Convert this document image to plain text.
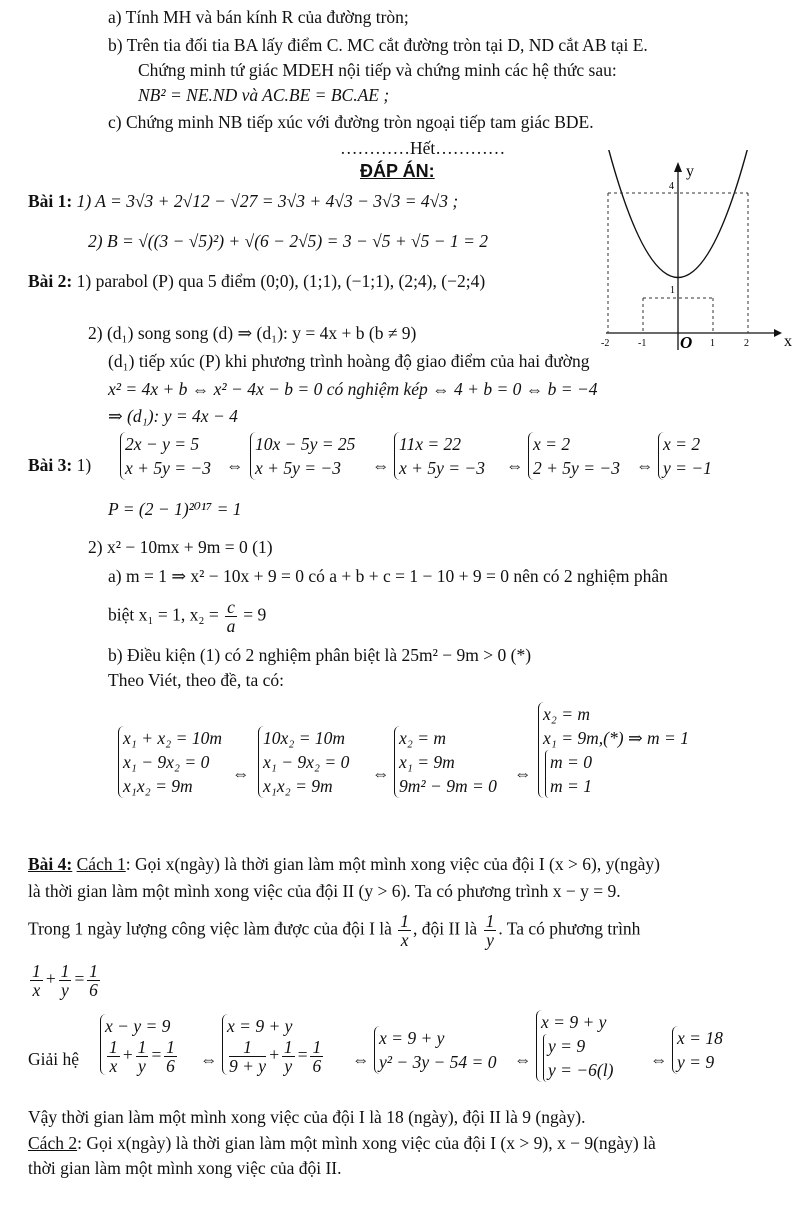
a) Tính MH và bán kính R của đường tròn;
b) Trên tia đối tia BA lấy điểm C. MC cắt đường tròn tại D, ND cắt AB tại E.
Chứng minh tứ giác MDEH nội tiếp và chứng minh các hệ thức sau:
NB² = NE.ND và AC.BE = BC.AE ;
c) Chứng minh NB tiếp xúc với đường tròn ngoại tiếp tam giác BDE.
…………Hết…………
ĐÁP ÁN:
Bài 1: 1) A = 3√3 + 2√12 − √27 = 3√3 + 4√3 − 3√3 = 4√3 ;
2) B = √((3 − √5)²) + √(6 − 2√5) = 3 − √5 + √5 − 1 = 2
Bài 2: 1) parabol (P) qua 5 điểm (0;0), (1;1), (−1;1), (2;4), (−2;4)
2) (d₁) song song (d) ⇒ (d₁): y = 4x + b (b ≠ 9)
(d₁) tiếp xúc (P) khi phương trình hoàng độ giao điểm của hai đường
x² = 4x + b ⇔ x² − 4x − b = 0 có nghiệm kép ⇔ 4 + b = 0 ⇔ b = −4
⇒ (d₁): y = 4x − 4
y
x
O
4
1
-2	-1	1	2
Bài 3: 1)
2x − y = 5
x + 5y = −3 ⇔
10x − 5y = 25
x + 5y = −3	⇔
11x = 22
x + 5y = −3 ⇔
x = 2
2 + 5y = −3 ⇔
x = 2
y = −1
P = (2 − 1)²⁰¹⁷ = 1
2) x² − 10mx + 9m = 0 (1)
a) m = 1 ⇒ x² − 10x + 9 = 0 có a + b + c = 1 − 10 + 9 = 0 nên có 2 nghiệm phân
biệt x₁ = 1, $x_2 = \frac{c}{a} = 9$
b) Điều kiện (1) có 2 nghiệm phân biệt là 25m² − 9m > 0 (*)
Theo Viét, theo đề, ta có:
x₁ + x₂ = 10m
x₁ − 9x₂ = 0
x₁x₂ = 9m
⇔
10x₂ = 10m
x₁ − 9x₂ = 0
x₁x₂ = 9m
⇔
x₂ = m
x₁ = 9m
9m² − 9m = 0
⇔
x₂ = m
x₁ = 9m,(*) ⇒ m = 1
m = 0
m = 1
Bài 4: Cách 1: Gọi x(ngày) là thời gian làm một mình xong việc của đội I (x > 6), y(ngày)
là thời gian làm một mình xong việc của đội II (y > 6). Ta có phương trình x − y = 9.
Trong 1 ngày lượng công việc làm được của đội I là $\frac{1}{x}$ , đội II là $\frac{1}{y}$ . Ta có phương trình
$\frac{1}{x} + \frac{1}{y} = \frac{1}{6}$
Giải hệ
x − y = 9
$\frac{1}{x} + \frac{1}{y} = \frac{1}{6}$ ⇔
x = 9 + y
$\frac{1}{9 + y} + \frac{1}{y} = \frac{1}{6}$ ⇔
x = 9 + y
y² − 3y − 54 = 0 ⇔
x = 9 + y
y = 9
y = −6(l)
⇔
x = 18
y = 9
Vậy thời gian làm một mình xong việc của đội I là 18 (ngày), đội II là 9 (ngày).
Cách 2: Gọi x(ngày) là thời gian làm một mình xong việc của đội I (x > 9), x − 9(ngày) là
thời gian làm một mình xong việc của đội II.
